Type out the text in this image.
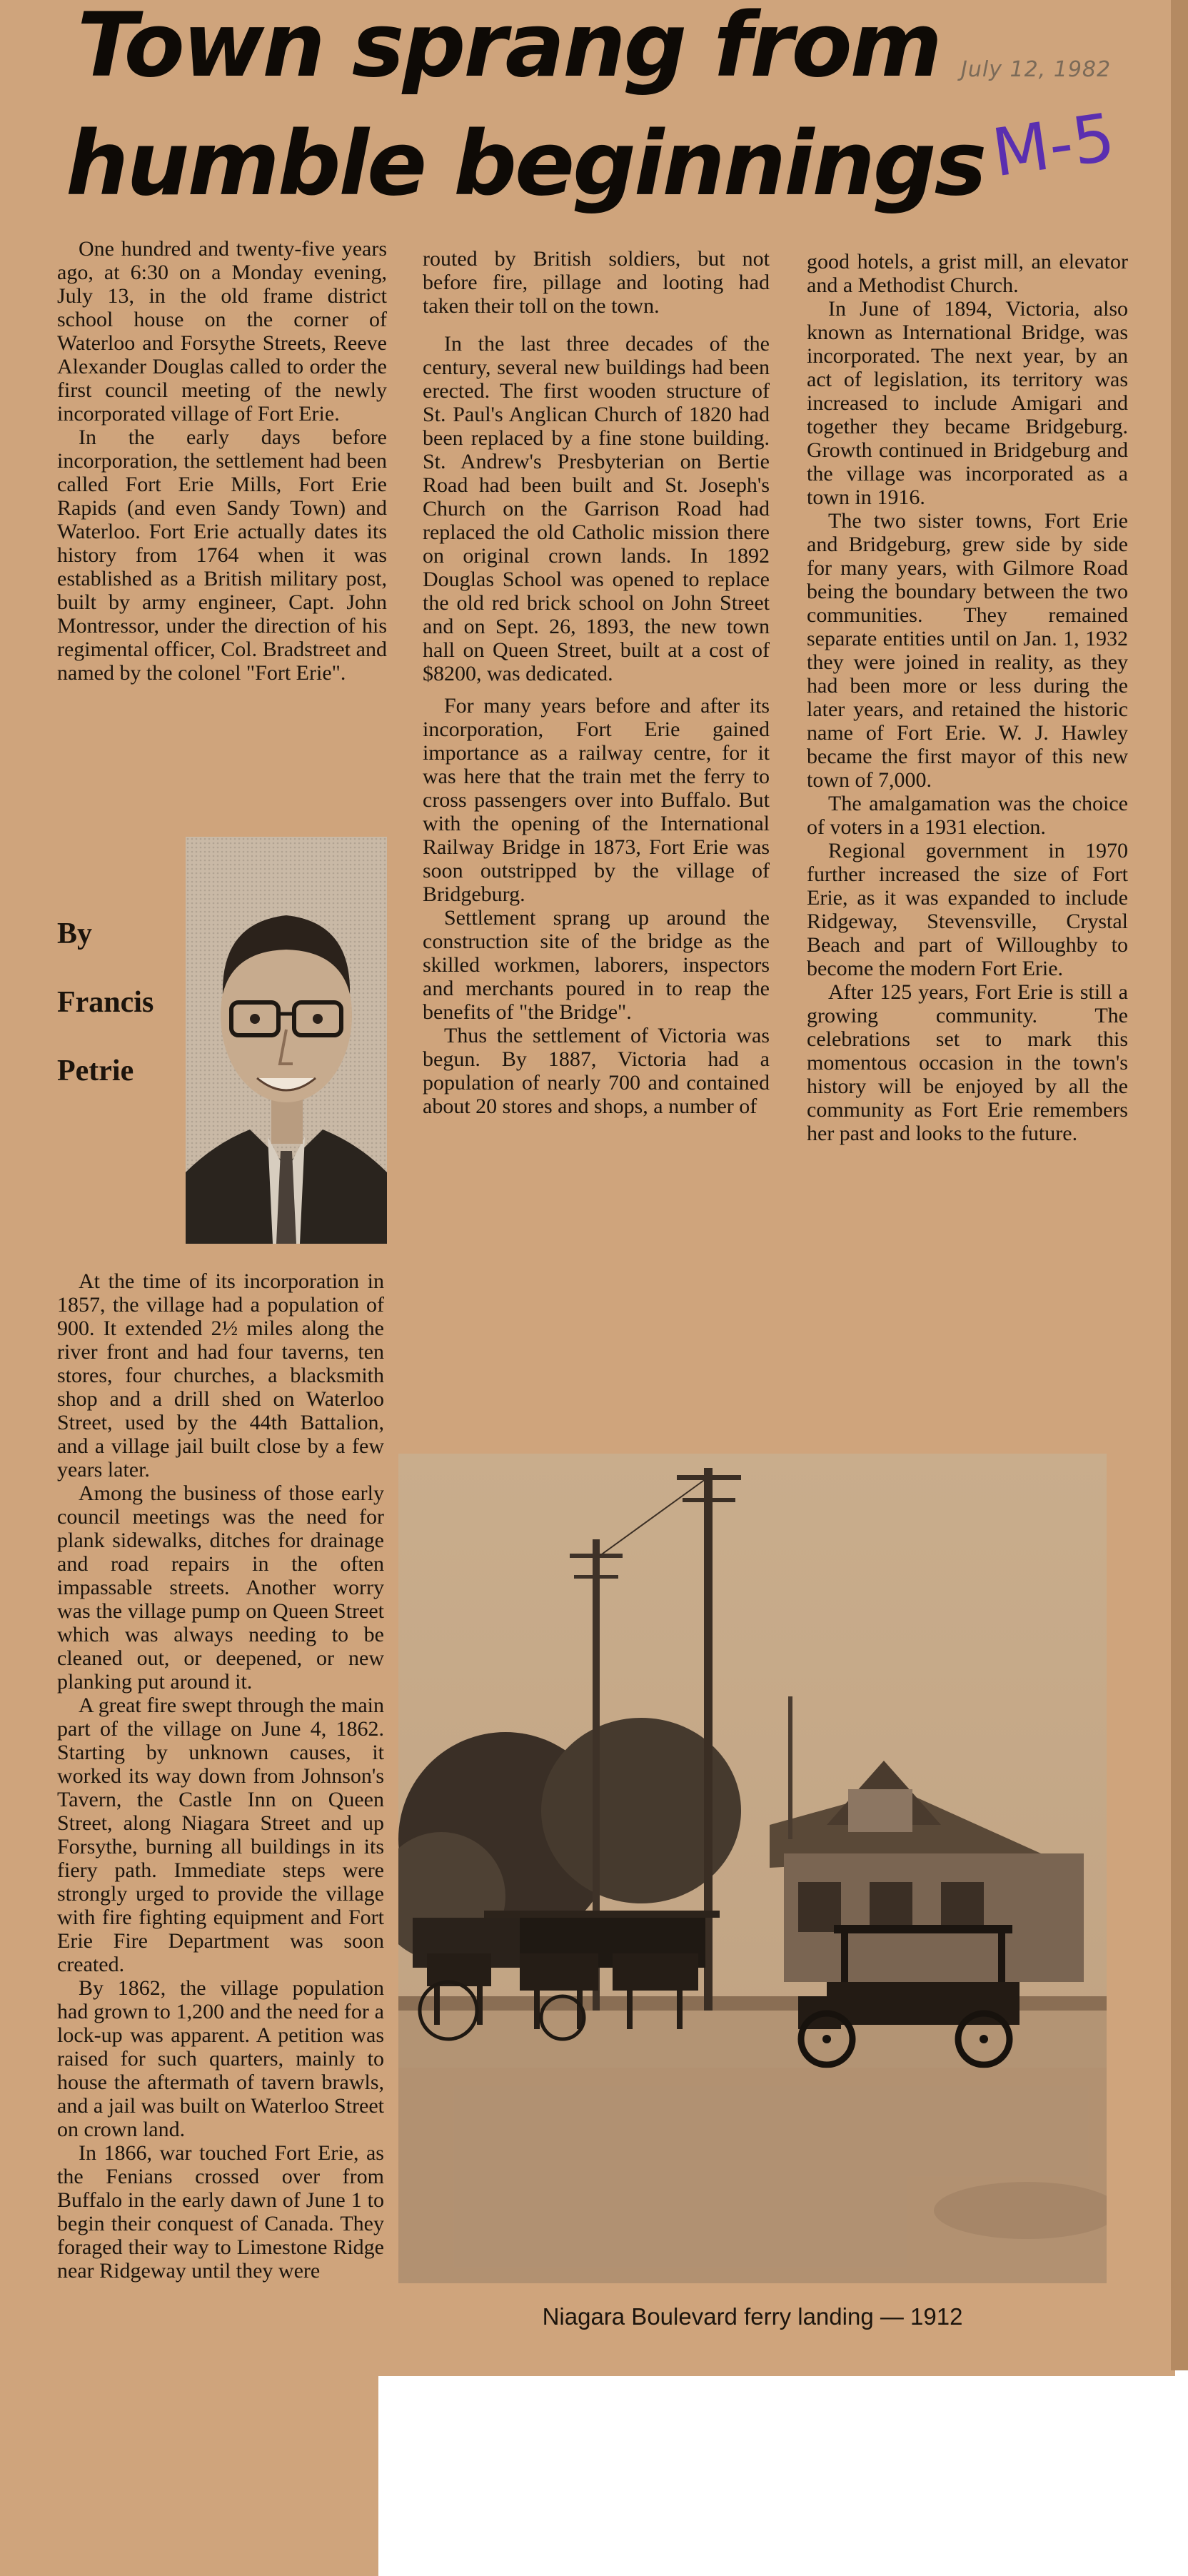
Town sprang from
humble beginnings
July 12, 1982
M-5

One hundred and twenty-five years ago, at 6:30 on a Monday evening, July 13, in the old frame district school house on the corner of Waterloo and Forsythe Streets, Reeve Alexander Douglas called to order the first council meeting of the newly incorporated village of Fort Erie.

In the early days before incorporation, the settlement had been called Fort Erie Mills, Fort Erie Rapids (and even Sandy Town) and Waterloo. Fort Erie actually dates its history from 1764 when it was established as a British military post, built by army engineer, Capt. John Montressor, under the direction of his regimental officer, Col. Bradstreet and named by the colonel "Fort Erie".

By
Francis
Petrie

At the time of its incorporation in 1857, the village had a population of 900. It extended 2½ miles along the river front and had four taverns, ten stores, four churches, a blacksmith shop and a drill shed on Waterloo Street, used by the 44th Battalion, and a village jail built close by a few years later.

Among the business of those early council meetings was the need for plank sidewalks, ditches for drainage and road repairs in the often impassable streets. Another worry was the village pump on Queen Street which was always needing to be cleaned out, or deepened, or new planking put around it.

A great fire swept through the main part of the village on June 4, 1862. Starting by unknown causes, it worked its way down from Johnson's Tavern, the Castle Inn on Queen Street, along Niagara Street and up Forsythe, burning all buildings in its fiery path. Immediate steps were strongly urged to provide the village with fire fighting equipment and Fort Erie Fire Department was soon created.

By 1862, the village population had grown to 1,200 and the need for a lock-up was apparent. A petition was raised for such quarters, mainly to house the aftermath of tavern brawls, and a jail was built on Waterloo Street on crown land.

In 1866, war touched Fort Erie, as the Fenians crossed over from Buffalo in the early dawn of June 1 to begin their conquest of Canada. They foraged their way to Limestone Ridge near Ridgeway until they were

routed by British soldiers, but not before fire, pillage and looting had taken their toll on the town.

In the last three decades of the century, several new buildings had been erected. The first wooden structure of St. Paul's Anglican Church of 1820 had been replaced by a fine stone building. St. Andrew's Presbyterian on Bertie Road had been built and St. Joseph's Church on the Garrison Road had replaced the old Catholic mission there on original crown lands. In 1892 Douglas School was opened to replace the old red brick school on John Street and on Sept. 26, 1893, the new town hall on Queen Street, built at a cost of $8200, was dedicated.

For many years before and after its incorporation, Fort Erie gained importance as a railway centre, for it was here that the train met the ferry to cross passengers over into Buffalo. But with the opening of the International Railway Bridge in 1873, Fort Erie was soon outstripped by the village of Bridgeburg.

Settlement sprang up around the construction site of the bridge as the skilled workmen, laborers, inspectors and merchants poured in to reap the benefits of "the Bridge".

Thus the settlement of Victoria was begun. By 1887, Victoria had a population of nearly 700 and contained about 20 stores and shops, a number of

good hotels, a grist mill, an elevator and a Methodist Church.

In June of 1894, Victoria, also known as International Bridge, was incorporated. The next year, by an act of legislation, its territory was increased to include Amigari and together they became Bridgeburg. Growth continued in Bridgeburg and the village was incorporated as a town in 1916.

The two sister towns, Fort Erie and Bridgeburg, grew side by side for many years, with Gilmore Road being the boundary between the two communities. They remained separate entities until on Jan. 1, 1932 they were joined in reality, as they had been more or less during the later years, and retained the historic name of Fort Erie. W. J. Hawley became the first mayor of this new town of 7,000.

The amalgamation was the choice of voters in a 1931 election.

Regional government in 1970 further increased the size of Fort Erie, as it was expanded to include Ridgeway, Stevensville, Crystal Beach and part of Willoughby to become the modern Fort Erie.

After 125 years, Fort Erie is still a growing community. The celebrations set to mark this momentous occasion in the town's history will be enjoyed by all the community as Fort Erie remembers her past and looks to the future.

Niagara Boulevard ferry landing — 1912
